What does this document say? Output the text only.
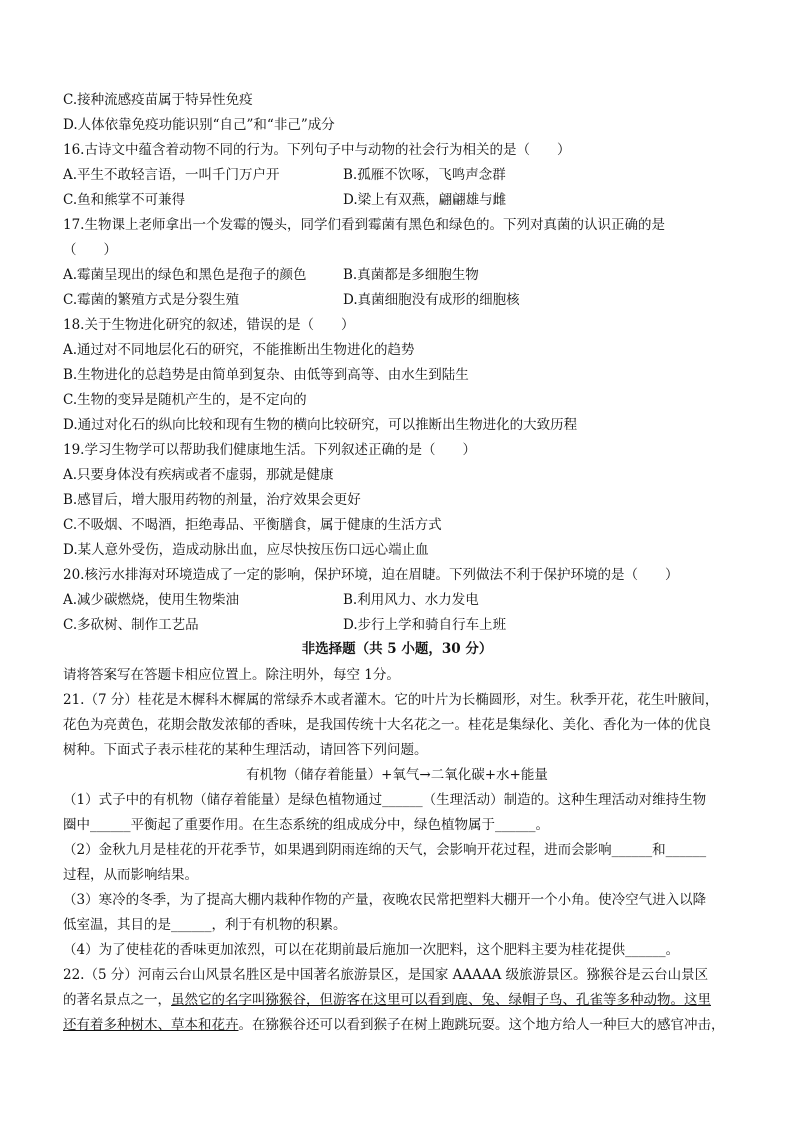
C.接种流感疫苗属于特异性免疫
D.人体依靠免疫功能识别“自己”和“非己”成分
16.古诗文中蕴含着动物不同的行为。下列句子中与动物的社会行为相关的是（　　）
A.平生不敢轻言语，一叫千门万户开	B.孤雁不饮啄，飞鸣声念群
C.鱼和熊掌不可兼得	D.梁上有双燕，翩翩雄与雌
17.生物课上老师拿出一个发霉的馒头，同学们看到霉菌有黑色和绿色的。下列对真菌的认识正确的是
（　　）
A.霉菌呈现出的绿色和黑色是孢子的颜色	B.真菌都是多细胞生物
C.霉菌的繁殖方式是分裂生殖	D.真菌细胞没有成形的细胞核
18.关于生物进化研究的叙述，错误的是（　　）
A.通过对不同地层化石的研究，不能推断出生物进化的趋势
B.生物进化的总趋势是由简单到复杂、由低等到高等、由水生到陆生
C.生物的变异是随机产生的，是不定向的
D.通过对化石的纵向比较和现有生物的横向比较研究，可以推断出生物进化的大致历程
19.学习生物学可以帮助我们健康地生活。下列叙述正确的是（　　）
A.只要身体没有疾病或者不虚弱，那就是健康
B.感冒后，增大服用药物的剂量，治疗效果会更好
C.不吸烟、不喝酒，拒绝毒品、平衡膳食，属于健康的生活方式
D.某人意外受伤，造成动脉出血，应尽快按压伤口远心端止血
20.核污水排海对环境造成了一定的影响，保护环境，迫在眉睫。下列做法不利于保护环境的是（　　）
A.减少碳燃烧，使用生物柴油	B.利用风力、水力发电
C.多砍树、制作工艺品	D.步行上学和骑自行车上班
非选择题（共 5 小题，30 分）
请将答案写在答题卡相应位置上。除注明外，每空 1分。
21.（7 分）桂花是木樨科木樨属的常绿乔木或者灌木。它的叶片为长椭圆形，对生。秋季开花，花生叶腋间，
花色为亮黄色，花期会散发浓郁的香味，是我国传统十大名花之一。桂花是集绿化、美化、香化为一体的优良
树种。下面式子表示桂花的某种生理活动，请回答下列问题。
有机物（储存着能量）+氧气→二氧化碳+水+能量
（1）式子中的有机物（储存着能量）是绿色植物通过______（生理活动）制造的。这种生理活动对维持生物
圈中______平衡起了重要作用。在生态系统的组成成分中，绿色植物属于______。
（2）金秋九月是桂花的开花季节，如果遇到阴雨连绵的天气，会影响开花过程，进而会影响______和______
过程，从而影响结果。
（3）寒冷的冬季，为了提高大棚内栽种作物的产量，夜晚农民常把塑料大棚开一个小角。使冷空气进入以降
低室温，其目的是______，利于有机物的积累。
（4）为了使桂花的香味更加浓烈，可以在花期前最后施加一次肥料，这个肥料主要为桂花提供______。
22.（5 分）河南云台山风景名胜区是中国著名旅游景区，是国家 AAAAA 级旅游景区。猕猴谷是云台山景区
的著名景点之一，虽然它的名字叫猕猴谷，但游客在这里可以看到鹿、兔、绿帽子鸟、孔雀等多种动物。这里
还有着多种树木、草本和花卉。在猕猴谷还可以看到猴子在树上跑跳玩耍。这个地方给人一种巨大的感官冲击，
